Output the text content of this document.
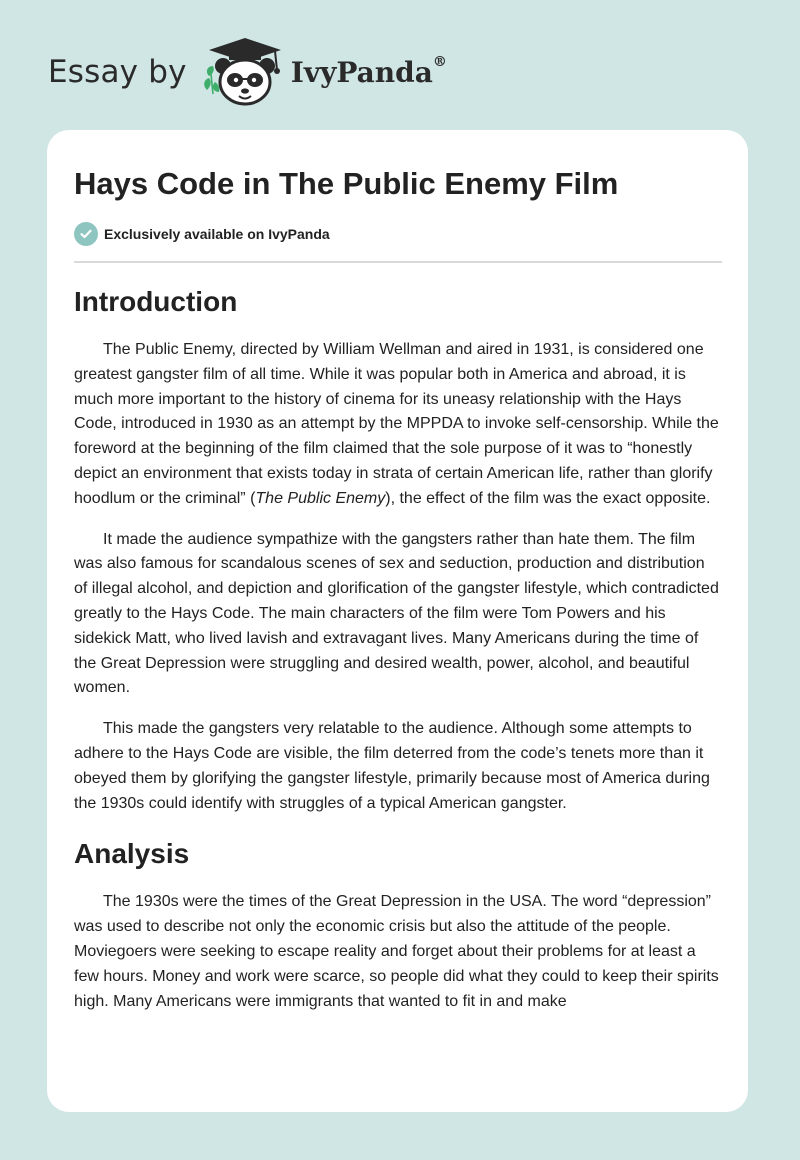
Essay by	IvyPanda®
Hays Code in The Public Enemy Film
Exclusively available on IvyPanda
Introduction

The Public Enemy, directed by William Wellman and aired in 1931, is considered one greatest gangster film of all time. While it was popular both in America and abroad, it is much more important to the history of cinema for its uneasy relationship with the Hays Code, introduced in 1930 as an attempt by the MPPDA to invoke self-censorship. While the foreword at the beginning of the film claimed that the sole purpose of it was to “honestly depict an environment that exists today in strata of certain American life, rather than glorify hoodlum or the criminal” (The Public Enemy), the effect of the film was the exact opposite.

It made the audience sympathize with the gangsters rather than hate them. The film was also famous for scandalous scenes of sex and seduction, production and distribution of illegal alcohol, and depiction and glorification of the gangster lifestyle, which contradicted greatly to the Hays Code. The main characters of the film were Tom Powers and his sidekick Matt, who lived lavish and extravagant lives. Many Americans during the time of the Great Depression were struggling and desired wealth, power, alcohol, and beautiful women.

This made the gangsters very relatable to the audience. Although some attempts to adhere to the Hays Code are visible, the film deterred from the code’s tenets more than it obeyed them by glorifying the gangster lifestyle, primarily because most of America during the 1930s could identify with struggles of a typical American gangster.

Analysis

The 1930s were the times of the Great Depression in the USA. The word “depression” was used to describe not only the economic crisis but also the attitude of the people. Moviegoers were seeking to escape reality and forget about their problems for at least a few hours. Money and work were scarce, so people did what they could to keep their spirits high. Many Americans were immigrants that wanted to fit in and make
